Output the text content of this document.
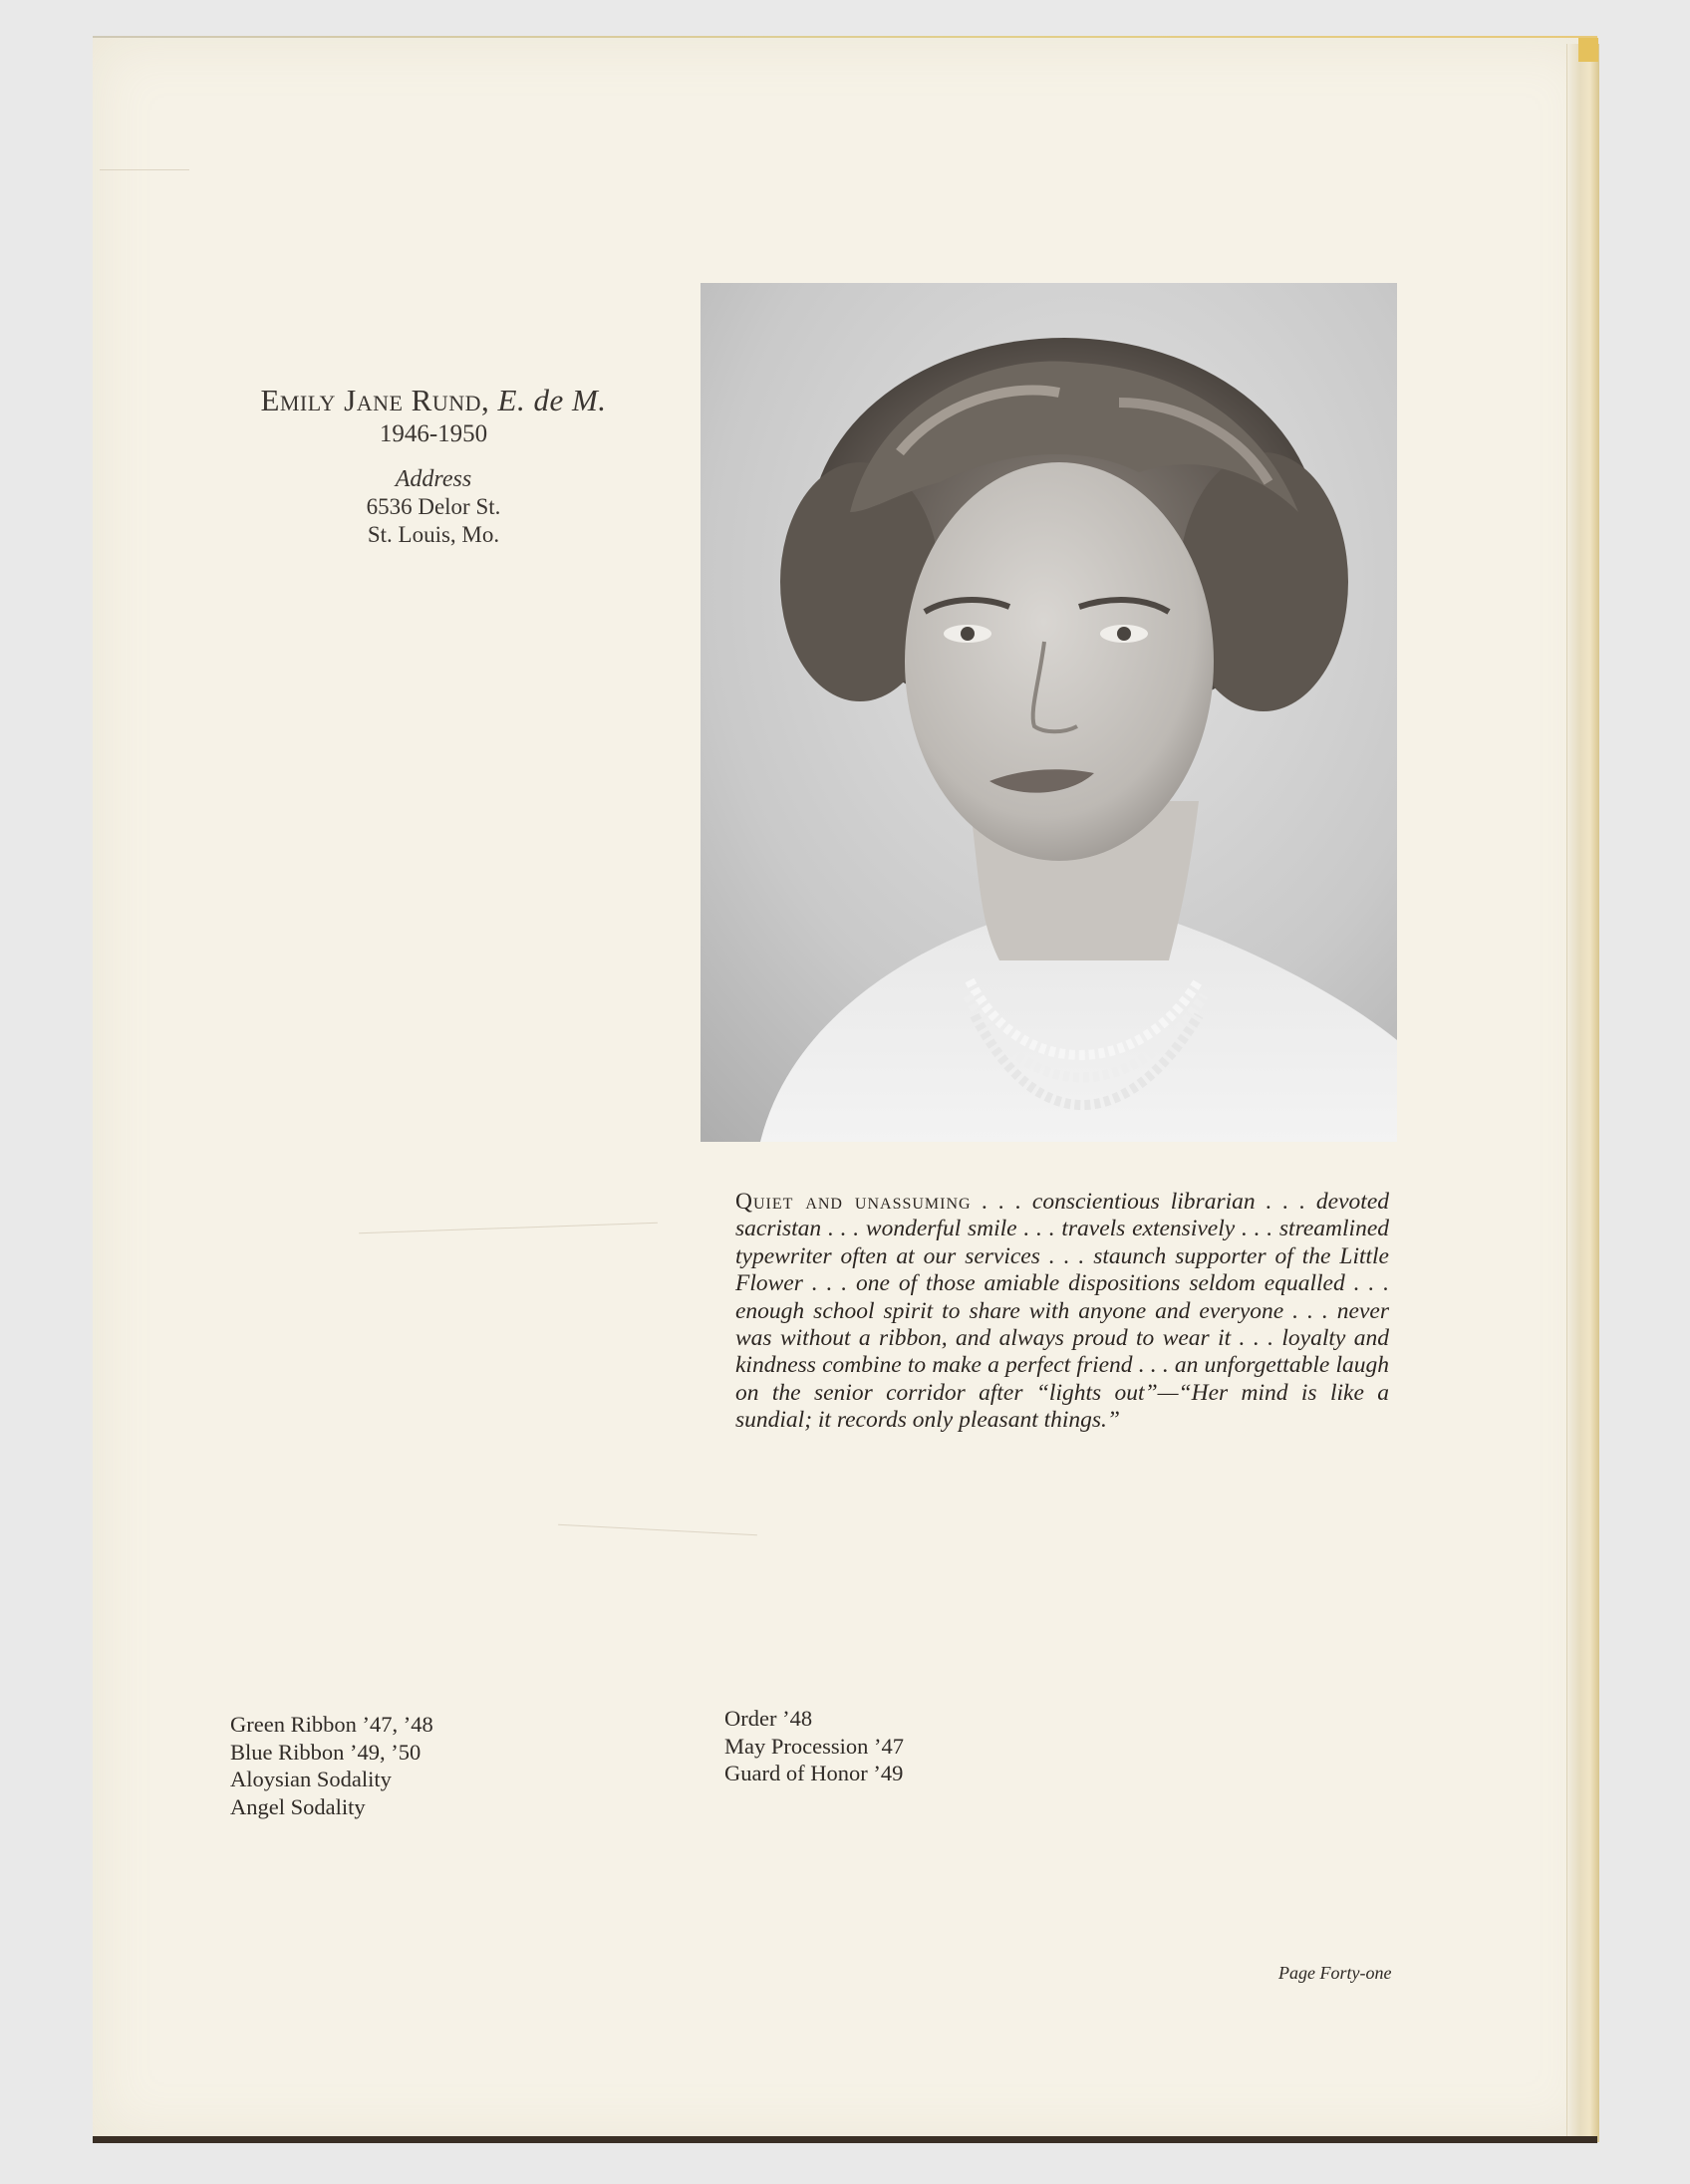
Emily Jane Rund, E. de M.
1946-1950
Address
6536 Delor St.
St. Louis, Mo.
Quiet and unassuming . . . conscientious librarian . . . devoted sacristan . . . wonderful smile . . . travels extensively . . . streamlined typewriter often at our services . . . staunch supporter of the Little Flower . . . one of those amiable dispositions seldom equalled . . . enough school spirit to share with anyone and everyone . . . never was without a ribbon, and always proud to wear it . . . loyalty and kindness combine to make a perfect friend . . . an unforgettable laugh on the senior corridor after “lights out”—“Her mind is like a sundial; it records only pleasant things.”
Green Ribbon ’47, ’48
Blue Ribbon ’49, ’50
Aloysian Sodality
Angel Sodality
Order ’48
May Procession ’47
Guard of Honor ’49
Page Forty-one
